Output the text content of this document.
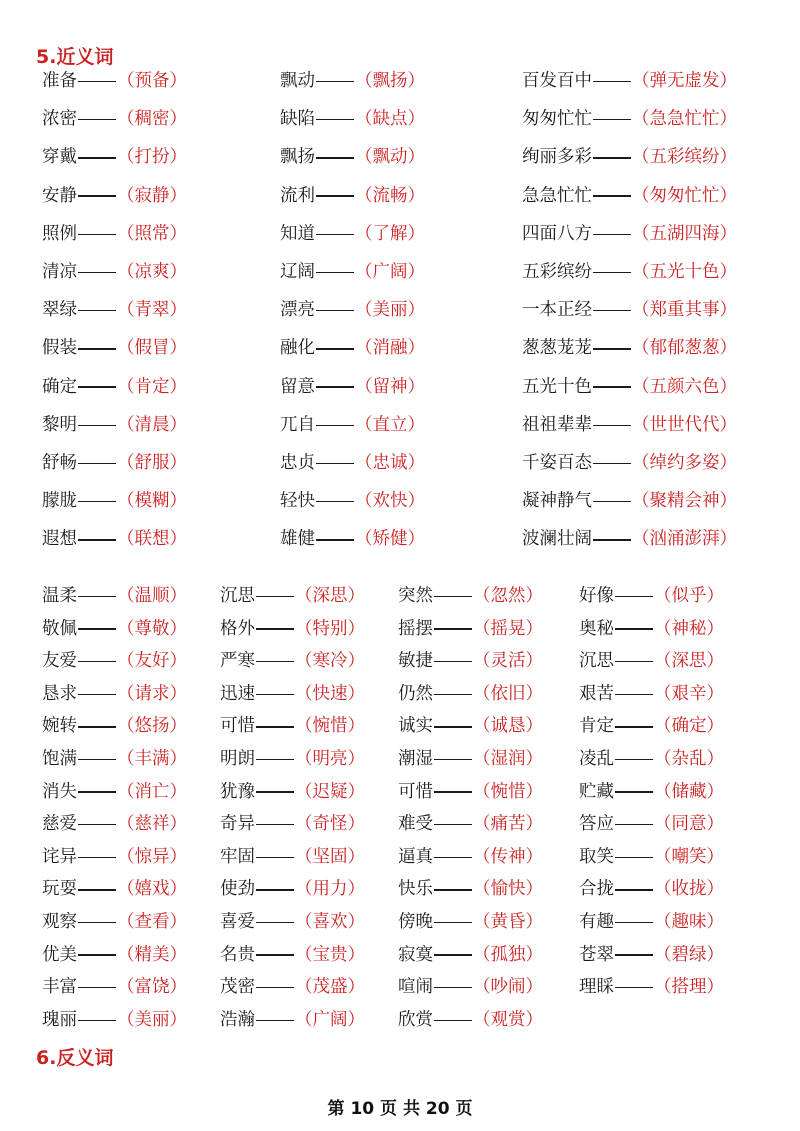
5.近义词
准备 （预备）
浓密 （稠密）
穿戴 （打扮）
安静 （寂静）
照例 （照常）
清凉 （凉爽）
翠绿 （青翠）
假装 （假冒）
确定 （肯定）
黎明 （清晨）
舒畅 （舒服）
朦胧 （模糊）
遐想 （联想）
飘动 （飘扬）
缺陷 （缺点）
飘扬 （飘动）
流利 （流畅）
知道 （了解）
辽阔 （广阔）
漂亮 （美丽）
融化 （消融）
留意 （留神）
兀自 （直立）
忠贞 （忠诚）
轻快 （欢快）
雄健 （矫健）
百发百中 （弹无虚发）
匆匆忙忙 （急急忙忙）
绚丽多彩 （五彩缤纷）
急急忙忙 （匆匆忙忙）
四面八方 （五湖四海）
五彩缤纷 （五光十色）
一本正经 （郑重其事）
葱葱茏茏 （郁郁葱葱）
五光十色 （五颜六色）
祖祖辈辈 （世世代代）
千姿百态 （绰约多姿）
凝神静气 （聚精会神）
波澜壮阔 （汹涌澎湃）
温柔 （温顺）
敬佩 （尊敬）
友爱 （友好）
恳求 （请求）
婉转 （悠扬）
饱满 （丰满）
消失 （消亡）
慈爱 （慈祥）
诧异 （惊异）
玩耍 （嬉戏）
观察 （查看）
优美 （精美）
丰富 （富饶）
瑰丽 （美丽）
沉思 （深思）
格外 （特别）
严寒 （寒冷）
迅速 （快速）
可惜 （惋惜）
明朗 （明亮）
犹豫 （迟疑）
奇异 （奇怪）
牢固 （坚固）
使劲 （用力）
喜爱 （喜欢）
名贵 （宝贵）
茂密 （茂盛）
浩瀚 （广阔）
突然 （忽然）
摇摆 （摇晃）
敏捷 （灵活）
仍然 （依旧）
诚实 （诚恳）
潮湿 （湿润）
可惜 （惋惜）
难受 （痛苦）
逼真 （传神）
快乐 （愉快）
傍晚 （黄昏）
寂寞 （孤独）
喧闹 （吵闹）
欣赏 （观赏）
好像 （似乎）
奥秘 （神秘）
沉思 （深思）
艰苦 （艰辛）
肯定 （确定）
凌乱 （杂乱）
贮藏 （储藏）
答应 （同意）
取笑 （嘲笑）
合拢 （收拢）
有趣 （趣味）
苍翠 （碧绿）
理睬 （搭理）
6.反义词
第 10 页 共 20 页
